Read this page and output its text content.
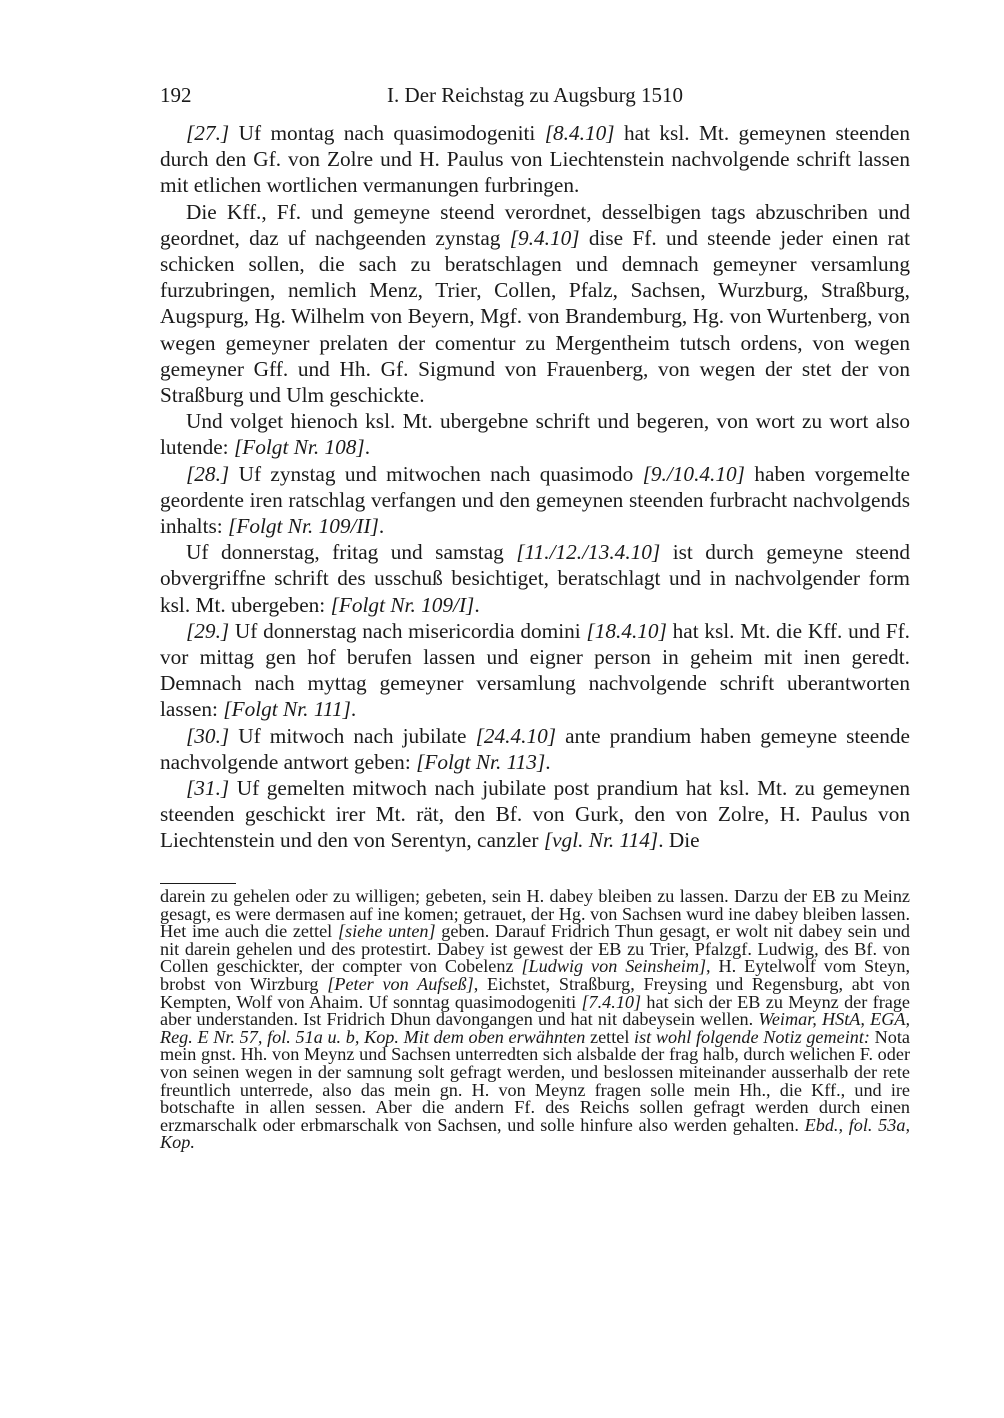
192	I. Der Reichstag zu Augsburg 1510

[27.] Uf montag nach quasimodogeniti [8.4.10] hat ksl. Mt. gemeynen steenden durch den Gf. von Zolre und H. Paulus von Liechtenstein nachvolgende schrift lassen mit etlichen wortlichen vermanungen furbringen.

Die Kff., Ff. und gemeyne steend verordnet, desselbigen tags abzuschriben und geordnet, daz uf nachgeenden zynstag [9.4.10] dise Ff. und steende jeder einen rat schicken sollen, die sach zu beratschlagen und demnach gemeyner versamlung furzubringen, nemlich Menz, Trier, Collen, Pfalz, Sachsen, Wurzburg, Straßburg, Augspurg, Hg. Wilhelm von Beyern, Mgf. von Brandemburg, Hg. von Wurtenberg, von wegen gemeyner prelaten der comentur zu Mergentheim tutsch ordens, von wegen gemeyner Gff. und Hh. Gf. Sigmund von Frauenberg, von wegen der stet der von Straßburg und Ulm geschickte.

Und volget hienoch ksl. Mt. ubergebne schrift und begeren, von wort zu wort also lutende: [Folgt Nr. 108].

[28.] Uf zynstag und mitwochen nach quasimodo [9./10.4.10] haben vorgemelte geordente iren ratschlag verfangen und den gemeynen steenden furbracht nachvolgends inhalts: [Folgt Nr. 109/II].

Uf donnerstag, fritag und samstag [11./12./13.4.10] ist durch gemeyne steend obvergriffne schrift des usschuß besichtiget, beratschlagt und in nachvolgender form ksl. Mt. ubergeben: [Folgt Nr. 109/I].

[29.] Uf donnerstag nach misericordia domini [18.4.10] hat ksl. Mt. die Kff. und Ff. vor mittag gen hof berufen lassen und eigner person in geheim mit inen geredt. Demnach nach myttag gemeyner versamlung nachvolgende schrift uberantworten lassen: [Folgt Nr. 111].

[30.] Uf mitwoch nach jubilate [24.4.10] ante prandium haben gemeyne steende nachvolgende antwort geben: [Folgt Nr. 113].

[31.] Uf gemelten mitwoch nach jubilate post prandium hat ksl. Mt. zu gemeynen steenden geschickt irer Mt. rät, den Bf. von Gurk, den von Zolre, H. Paulus von Liechtenstein und den von Serentyn, canzler [vgl. Nr. 114]. Die

darein zu gehelen oder zu willigen; gebeten, sein H. dabey bleiben zu lassen. Darzu der EB zu Meinz gesagt, es were dermasen auf ine komen; getrauet, der Hg. von Sachsen wurd ine dabey bleiben lassen. Het ime auch die zettel [siehe unten] geben. Darauf Fridrich Thun gesagt, er wolt nit dabey sein und nit darein gehelen und des protestirt. Dabey ist gewest der EB zu Trier, Pfalzgf. Ludwig, des Bf. von Collen geschickter, der compter von Cobelenz [Ludwig von Seinsheim], H. Eytelwolf vom Steyn, brobst von Wirzburg [Peter von Aufseß], Eichstet, Straßburg, Freysing und Regensburg, abt von Kempten, Wolf von Ahaim. Uf sonntag quasimodogeniti [7.4.10] hat sich der EB zu Meynz der frage aber understanden. Ist Fridrich Dhun davongangen und hat nit dabeysein wellen. Weimar, HStA, EGA, Reg. E Nr. 57, fol. 51a u. b, Kop. Mit dem oben erwähnten zettel ist wohl folgende Notiz gemeint: Nota mein gnst. Hh. von Meynz und Sachsen unterredten sich alsbalde der frag halb, durch welichen F. oder von seinen wegen in der samnung solt gefragt werden, und beslossen miteinander ausserhalb der rete freuntlich unterrede, also das mein gn. H. von Meynz fragen solle mein Hh., die Kff., und ire botschafte in allen sessen. Aber die andern Ff. des Reichs sollen gefragt werden durch einen erzmarschalk oder erbmarschalk von Sachsen, und solle hinfure also werden gehalten. Ebd., fol. 53a, Kop.
